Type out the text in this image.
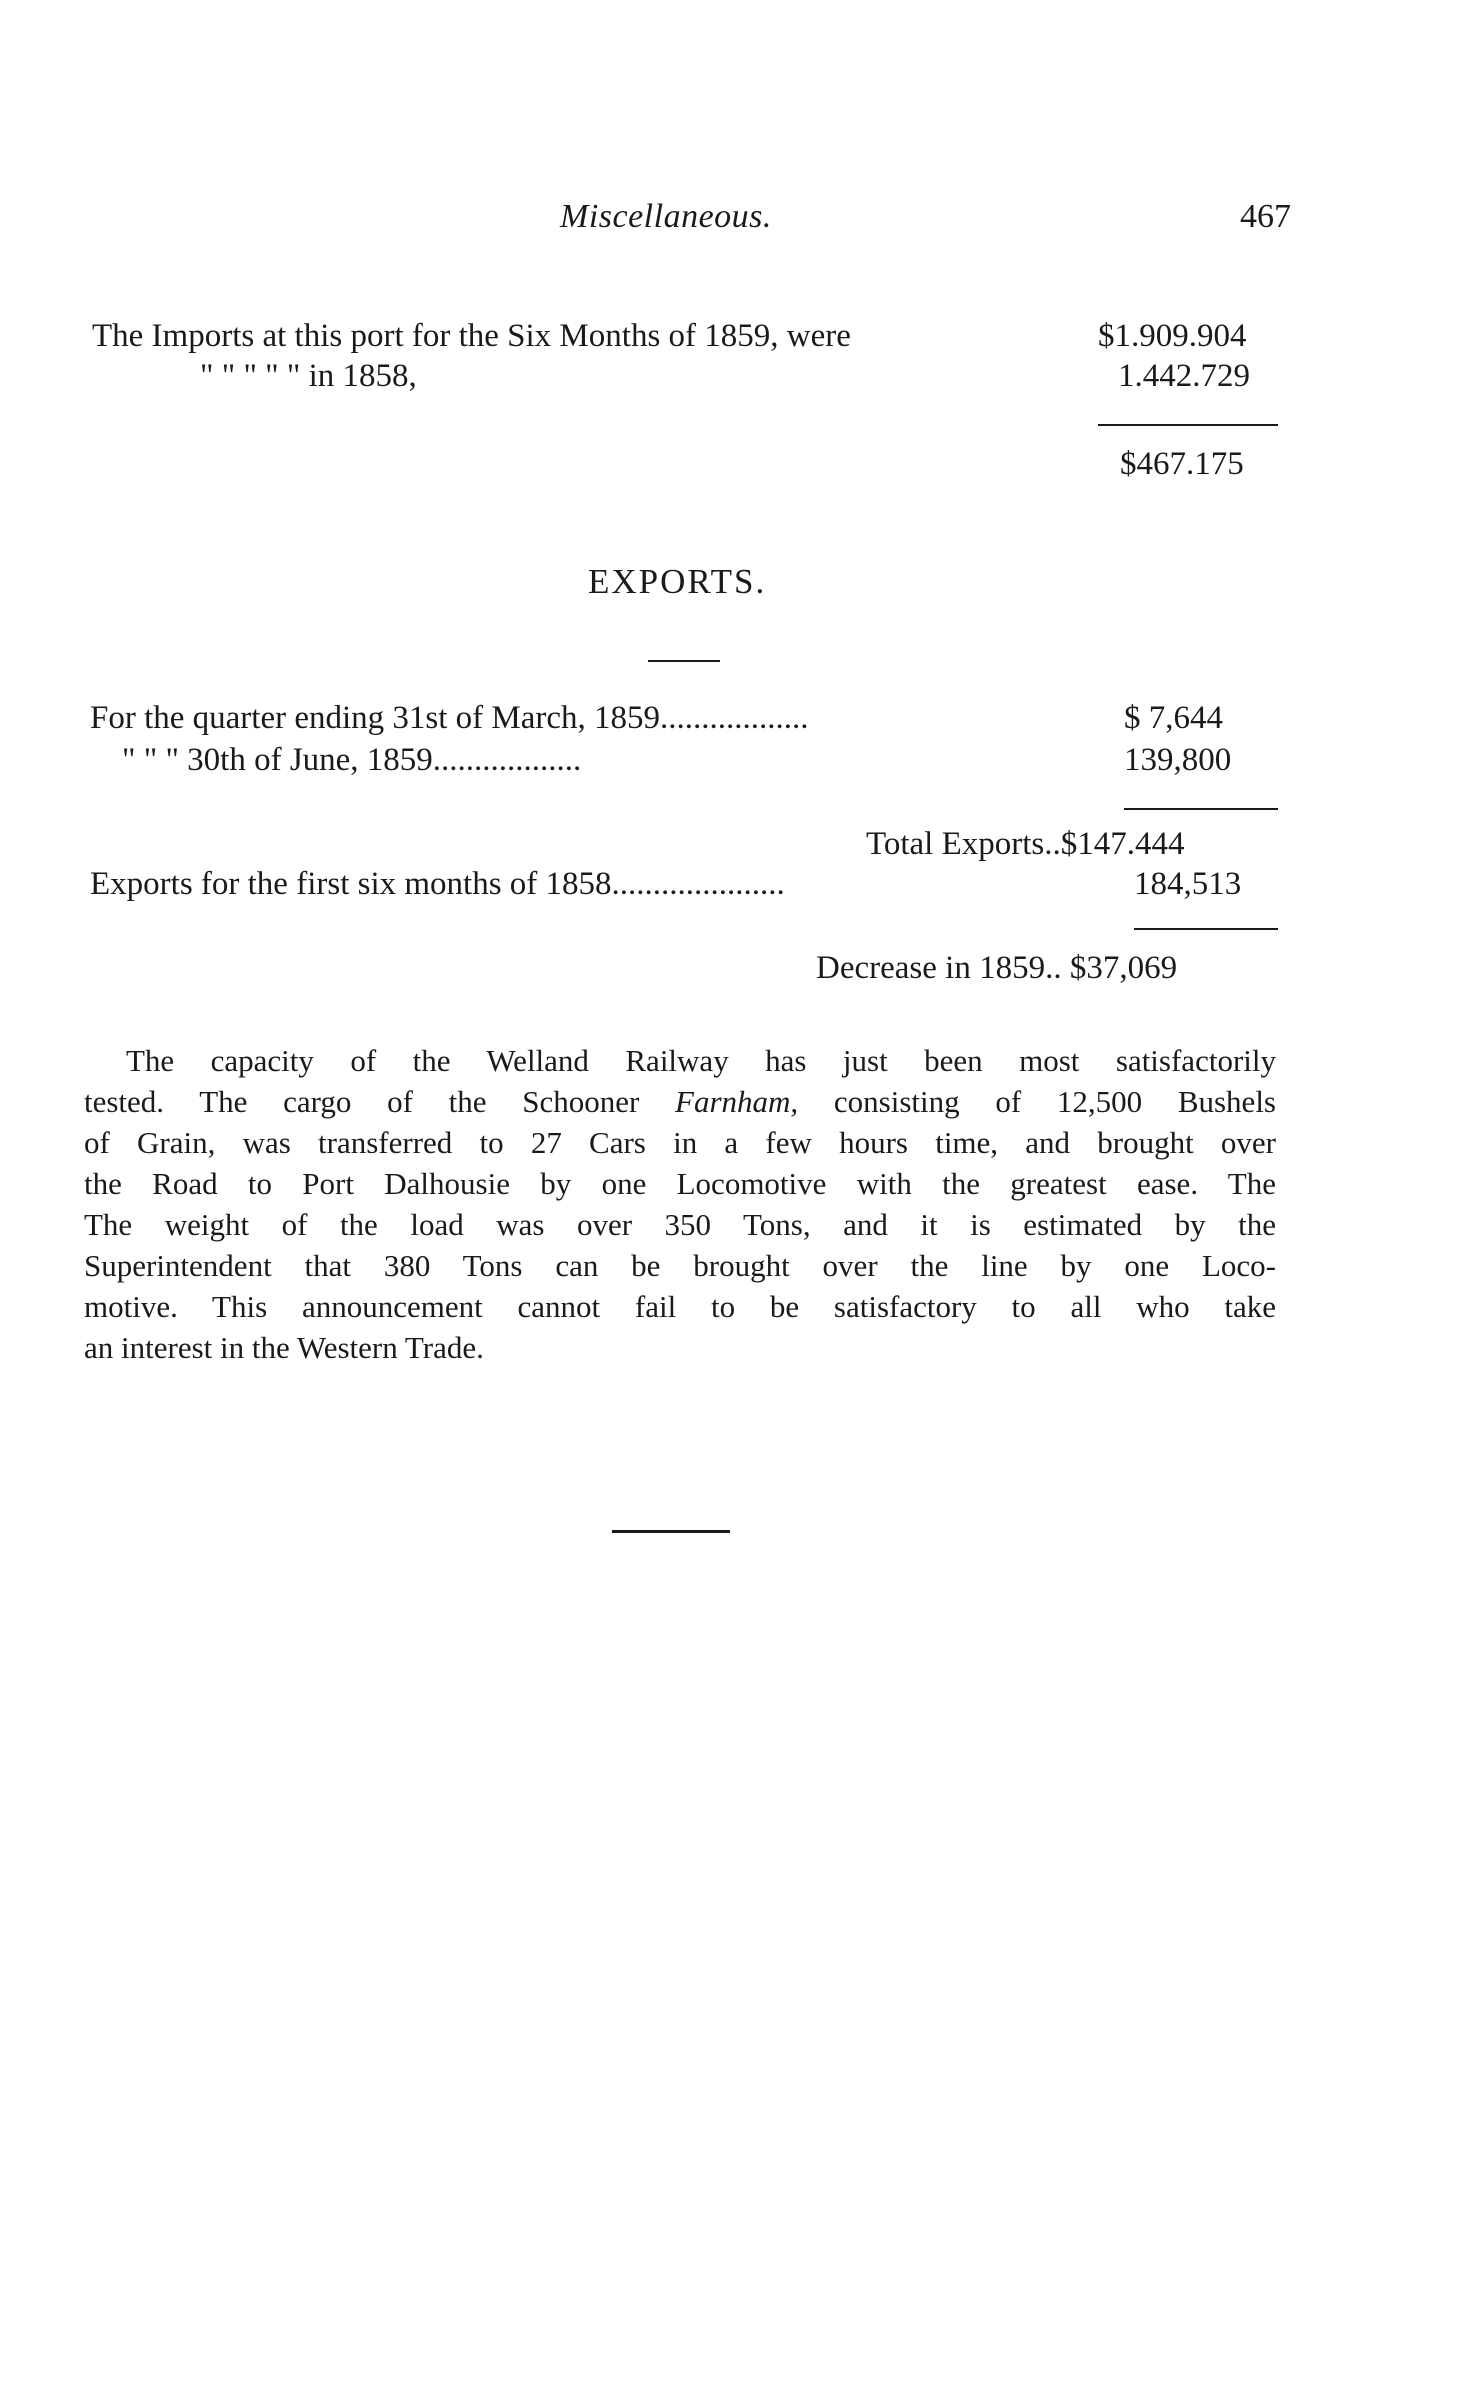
Miscellaneous.	467
The Imports at this port for the Six Months of 1859, were	$1.909.904
" " " " " in 1858,	1.442.729
$467.175
EXPORTS.
For the quarter ending 31st of March, 1859..................	$ 7,644
" " " 30th of June, 1859..................	139,800
Total Exports..$147.444
Exports for the first six months of 1858.....................	184,513
Decrease in 1859.. $37,069
The capacity of the Welland Railway has just been most satisfactorily
tested. The cargo of the Schooner Farnham, consisting of 12,500 Bushels
of Grain, was transferred to 27 Cars in a few hours time, and brought over
the Road to Port Dalhousie by one Locomotive with the greatest ease. The
The weight of the load was over 350 Tons, and it is estimated by the
Superintendent that 380 Tons can be brought over the line by one Loco-
motive. This announcement cannot fail to be satisfactory to all who take
an interest in the Western Trade.
